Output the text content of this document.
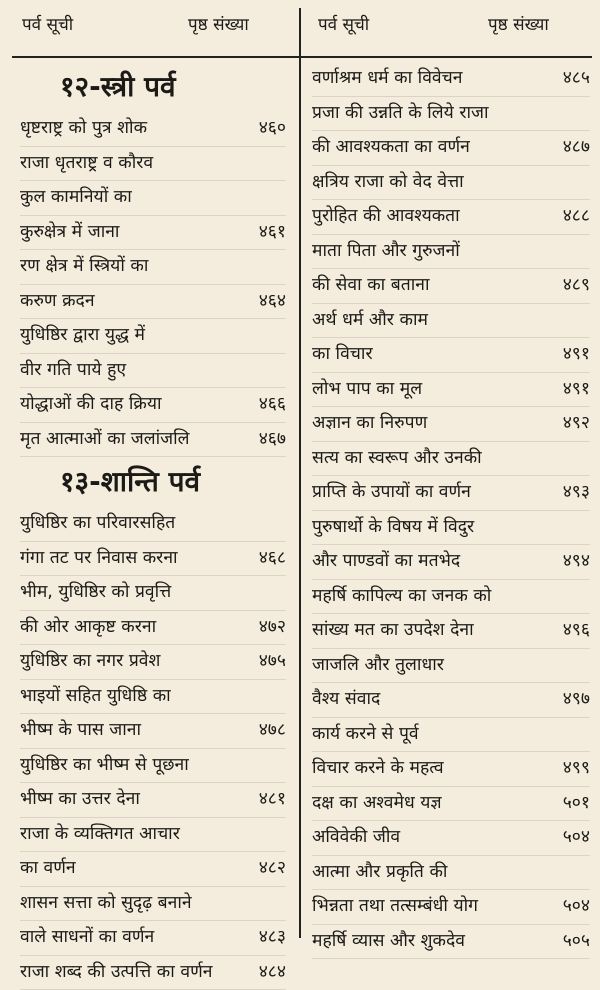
पर्व सूची	पृष्ठ संख्या	पर्व सूची	पृष्ठ संख्या
१२-स्त्री पर्व
धृष्टराष्ट्र को पुत्र शोक	४६०
राजा धृतराष्ट्र व कौरव
कुल कामनियों का
कुरुक्षेत्र में जाना	४६१
रण क्षेत्र में स्त्रियों का
करुण क्रदन	४६४
युधिष्ठिर द्वारा युद्ध में
वीर गति पाये हुए
योद्धाओं की दाह क्रिया	४६६
मृत आत्माओं का जलांजलि	४६७
१३-शान्ति पर्व
युधिष्ठिर का परिवारसहित
गंगा तट पर निवास करना	४६८
भीम, युधिष्ठिर को प्रवृत्ति
की ओर आकृष्ट करना	४७२
युधिष्ठिर का नगर प्रवेश	४७५
भाइयों सहित युधिष्ठि का
भीष्म के पास जाना	४७८
युधिष्ठिर का भीष्म से पूछना
भीष्म का उत्तर देना	४८१
राजा के व्यक्तिगत आचार
का वर्णन	४८२
शासन सत्ता को सुदृढ़ बनाने
वाले साधनों का वर्णन	४८३
राजा शब्द की उत्पत्ति का वर्णन	४८४
वर्णाश्रम धर्म का विवेचन	४८५
प्रजा की उन्नति के लिये राजा
की आवश्यकता का वर्णन	४८७
क्षत्रिय राजा को वेद वेत्ता
पुरोहित की आवश्यकता	४८८
माता पिता और गुरुजनों
की सेवा का बताना	४८९
अर्थ धर्म और काम
का विचार	४९१
लोभ पाप का मूल	४९१
अज्ञान का निरुपण	४९२
सत्य का स्वरूप और उनकी
प्राप्ति के उपायों का वर्णन	४९३
पुरुषार्थो के विषय में विदुर
और पाण्डवों का मतभेद	४९४
महर्षि कापिल्य का जनक को
सांख्य मत का उपदेश देना	४९६
जाजलि और तुलाधार
वैश्य संवाद	४९७
कार्य करने से पूर्व
विचार करने के महत्व	४९९
दक्ष का अश्वमेध यज्ञ	५०१
अविवेकी जीव	५०४
आत्मा और प्रकृति की
भिन्नता तथा तत्सम्बंधी योग	५०४
महर्षि व्यास और शुकदेव	५०५
